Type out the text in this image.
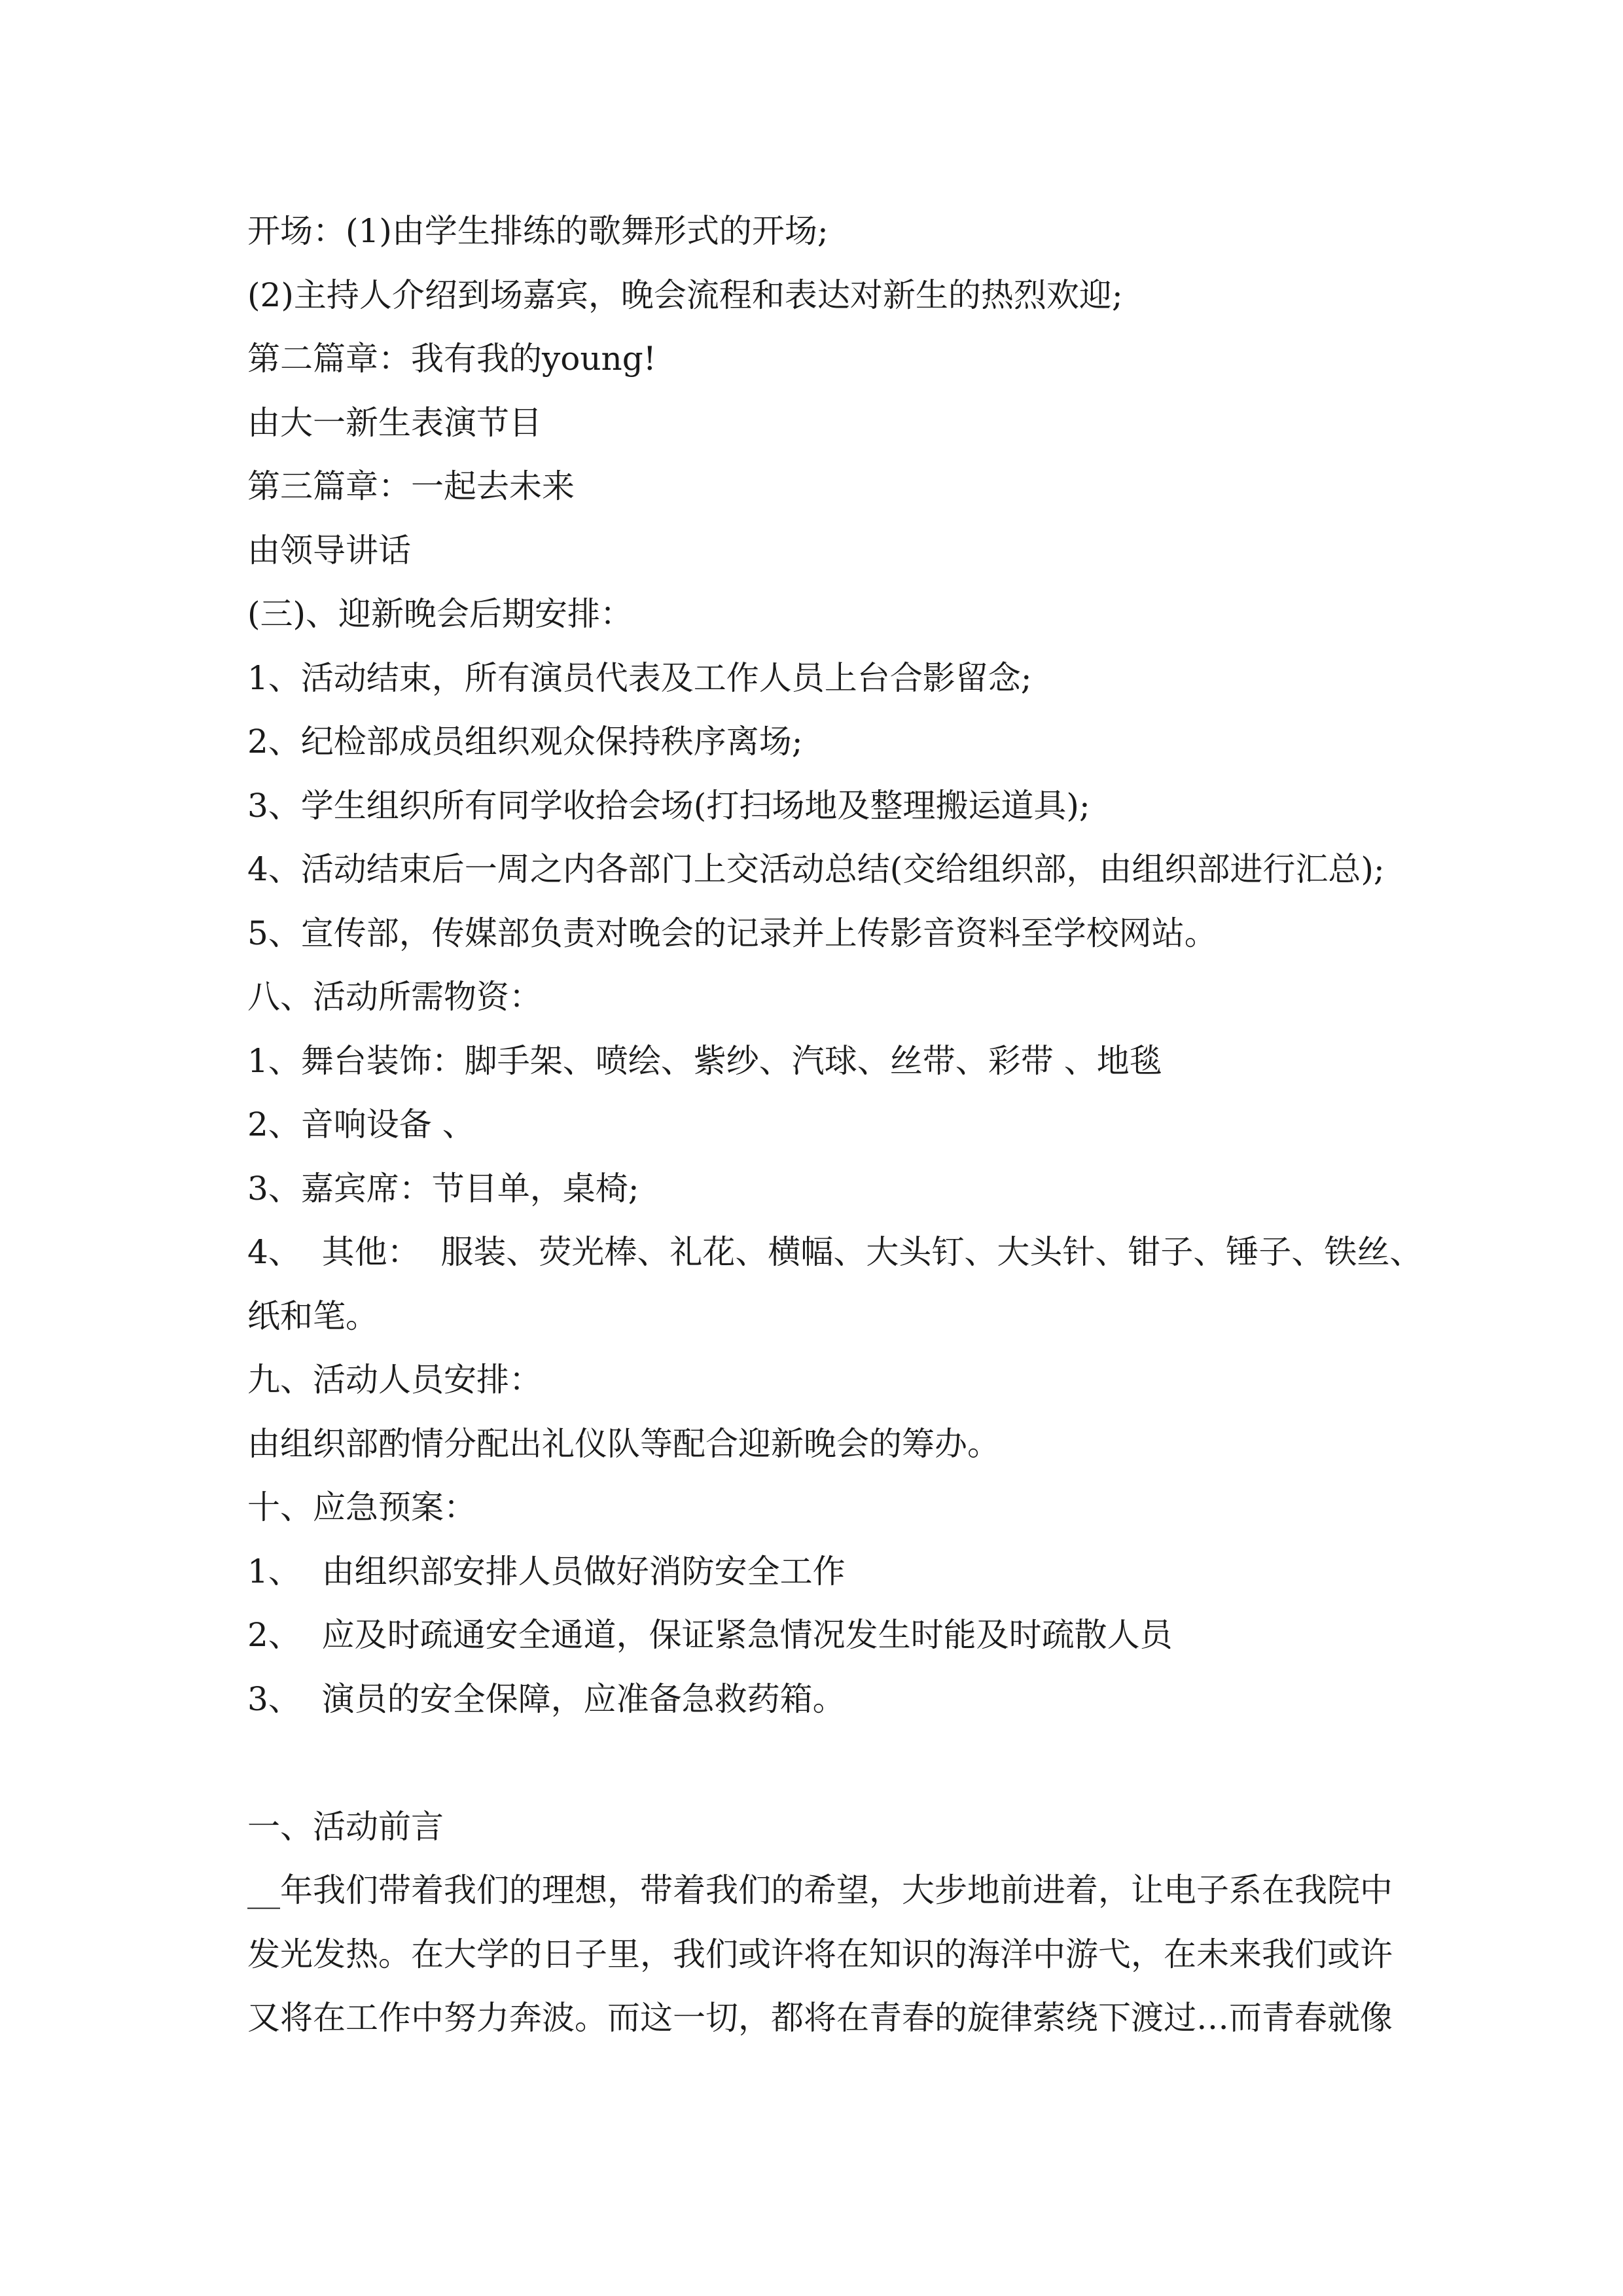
开场：(1)由学生排练的歌舞形式的开场;
(2)主持人介绍到场嘉宾，晚会流程和表达对新生的热烈欢迎;
第二篇章：我有我的young!
由大一新生表演节目
第三篇章：一起去未来
由领导讲话
(三)、迎新晚会后期安排：
1、活动结束，所有演员代表及工作人员上台合影留念;
2、纪检部成员组织观众保持秩序离场;
3、学生组织所有同学收拾会场(打扫场地及整理搬运道具);
4、活动结束后一周之内各部门上交活动总结(交给组织部，由组织部进行汇总);
5、宣传部，传媒部负责对晚会的记录并上传影音资料至学校网站。
八、活动所需物资：
1、舞台装饰：脚手架、喷绘、紫纱、汽球、丝带、彩带 、地毯
2、音响设备 、
3、嘉宾席：节目单，桌椅;
4、  其他：  服装、荧光棒、礼花、横幅、大头钉、大头针、钳子、锤子、铁丝、
纸和笔。
九、活动人员安排：
由组织部酌情分配出礼仪队等配合迎新晚会的筹办。
十、应急预案：
1、  由组织部安排人员做好消防安全工作
2、  应及时疏通安全通道，保证紧急情况发生时能及时疏散人员
3、  演员的安全保障，应准备急救药箱。
一、活动前言
__年我们带着我们的理想，带着我们的希望，大步地前进着，让电子系在我院中
发光发热。在大学的日子里，我们或许将在知识的海洋中游弋，在未来我们或许
又将在工作中努力奔波。而这一切，都将在青春的旋律萦绕下渡过…而青春就像
